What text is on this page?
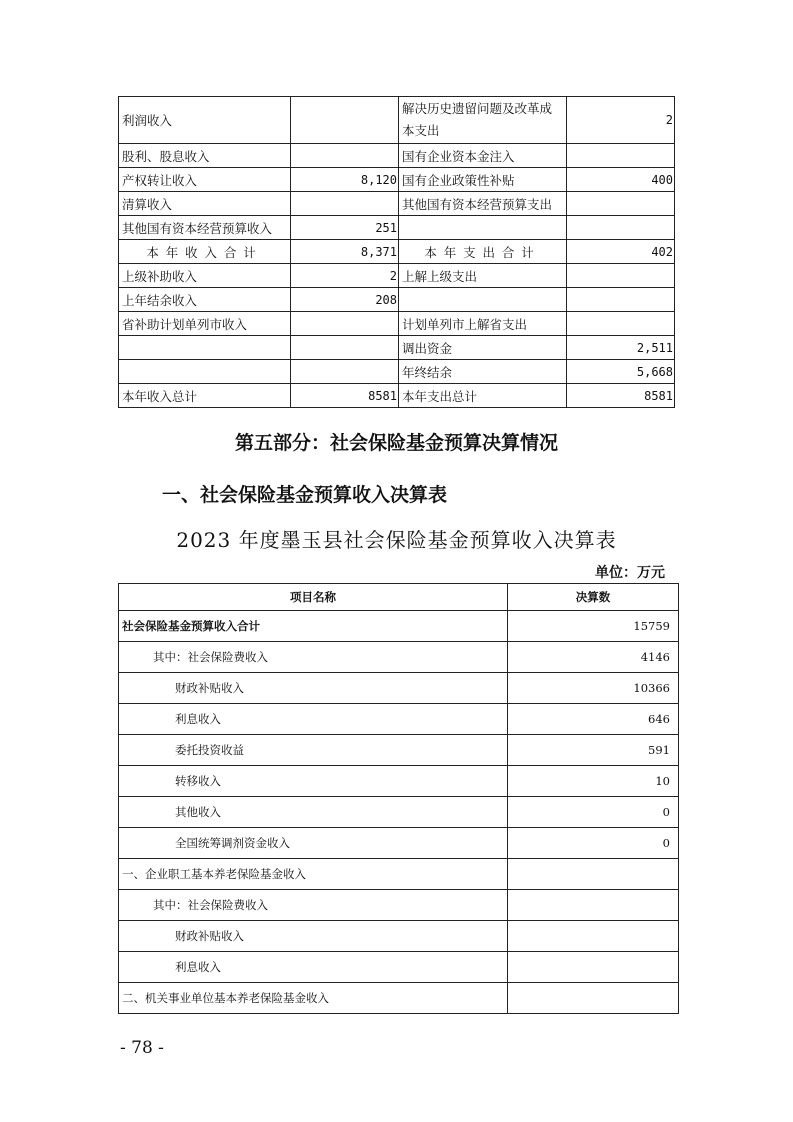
利润收入		解决历史遗留问题及改革成本支出	2
股利、股息收入		国有企业资本金注入	
产权转让收入	8,120	国有企业政策性补贴	400
清算收入		其他国有资本经营预算支出	
其他国有资本经营预算收入	251		
本年收入合计	8,371	本年支出合计	402
上级补助收入	2	上解上级支出	
上年结余收入	208		
省补助计划单列市收入		计划单列市上解省支出	
		调出资金	2,511
		年终结余	5,668
本年收入总计	8581	本年支出总计	8581
第五部分：社会保险基金预算决算情况
一、社会保险基金预算收入决算表
2023 年度墨玉县社会保险基金预算收入决算表
单位：万元
项目名称	决算数
社会保险基金预算收入合计	15759
其中：社会保险费收入	4146
财政补贴收入	10366
利息收入	646
委托投资收益	591
转移收入	10
其他收入	0
全国统筹调剂资金收入	0
一、企业职工基本养老保险基金收入	
其中：社会保险费收入	
财政补贴收入	
利息收入	
二、机关事业单位基本养老保险基金收入	
- 78 -
